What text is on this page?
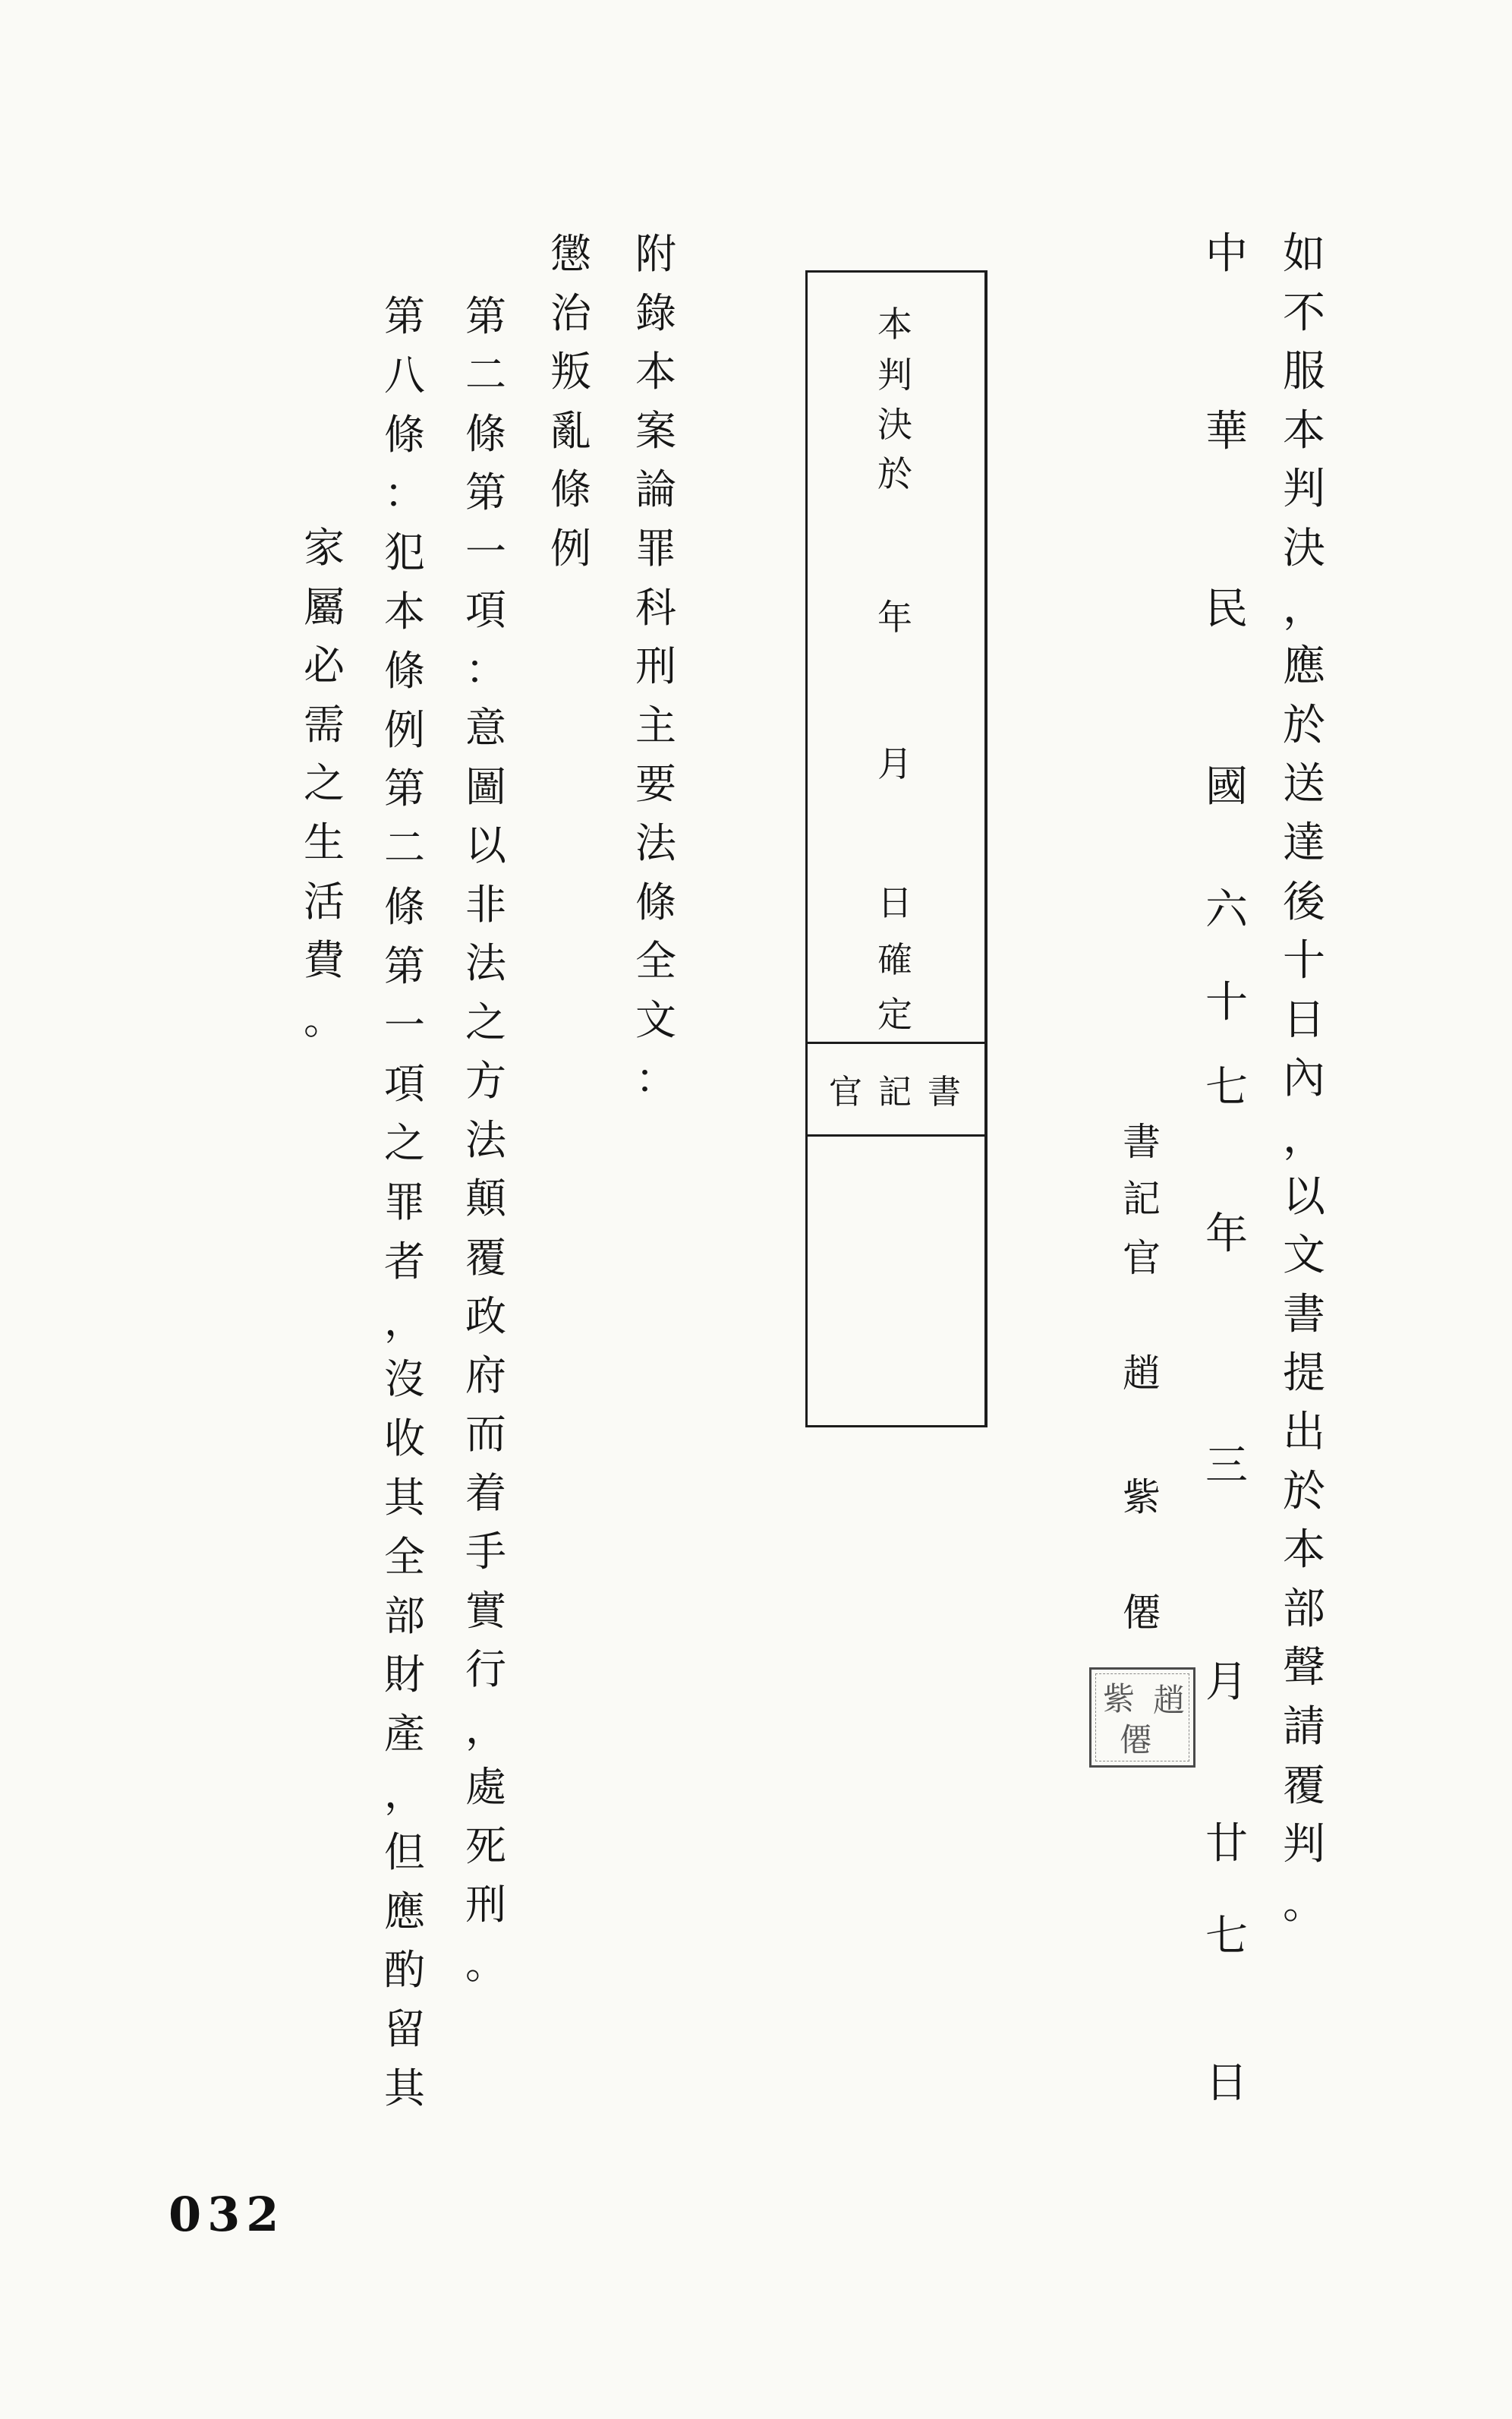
如
不
服
本
判
決
，
應
於
送
達
後
十
日
內
，
以
文
書
提
出
於
本
部
聲
請
覆
判
。
中
華
民
國
六
十
七
年
三
月
廿
七
日
書
記
官
趙
紫
僊
趙
紫
僊
本
判
決
於
年
月
日
確
定
書
記
官
附
錄
本
案
論
罪
科
刑
主
要
法
條
全
文
：
懲
治
叛
亂
條
例
第
二
條
第
一
項
：
意
圖
以
非
法
之
方
法
顛
覆
政
府
而
着
手
實
行
，
處
死
刑
。
第
八
條
：
犯
本
條
例
第
二
條
第
一
項
之
罪
者
，
沒
收
其
全
部
財
產
，
但
應
酌
留
其
家
屬
必
需
之
生
活
費
。
032
